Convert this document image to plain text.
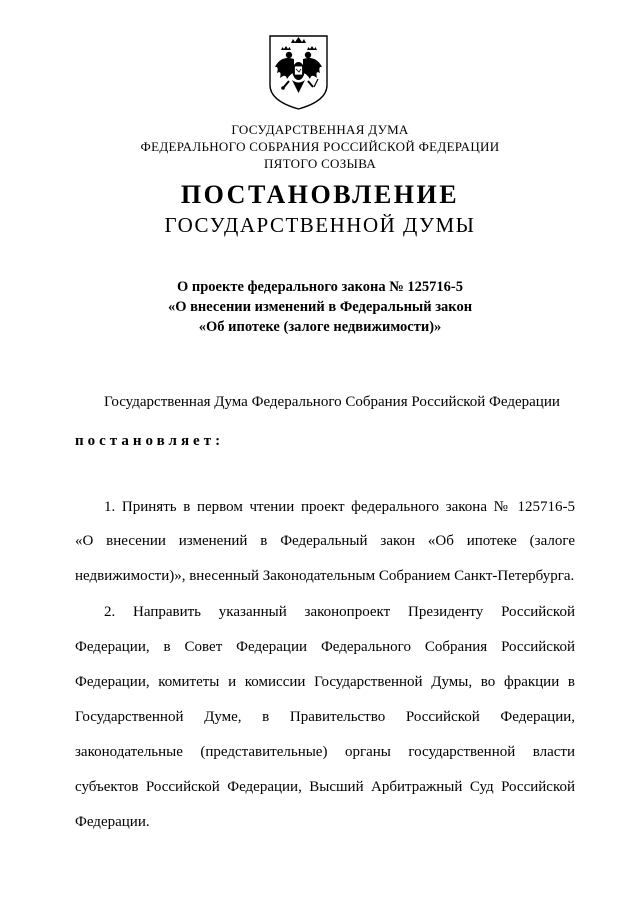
ГОСУДАРСТВЕННАЯ ДУМА
ФЕДЕРАЛЬНОГО СОБРАНИЯ РОССИЙСКОЙ ФЕДЕРАЦИИ
ПЯТОГО СОЗЫВА
ПОСТАНОВЛЕНИЕ
ГОСУДАРСТВЕННОЙ ДУМЫ
О проекте федерального закона № 125716-5
«О внесении изменений в Федеральный закон
«Об ипотеке (залоге недвижимости)»
Государственная Дума Федерального Собрания Российской Федерации
постановляет:
1. Принять в первом чтении проект федерального закона № 125716-5
«О внесении изменений в Федеральный закон «Об ипотеке (залоге
недвижимости)», внесенный Законодательным Собранием Санкт-Петербурга.
2. Направить указанный законопроект Президенту Российской
Федерации, в Совет Федерации Федерального Собрания Российской
Федерации, комитеты и комиссии Государственной Думы, во фракции в
Государственной Думе, в Правительство Российской Федерации,
законодательные (представительные) органы государственной власти
субъектов Российской Федерации, Высший Арбитражный Суд Российской
Федерации.
